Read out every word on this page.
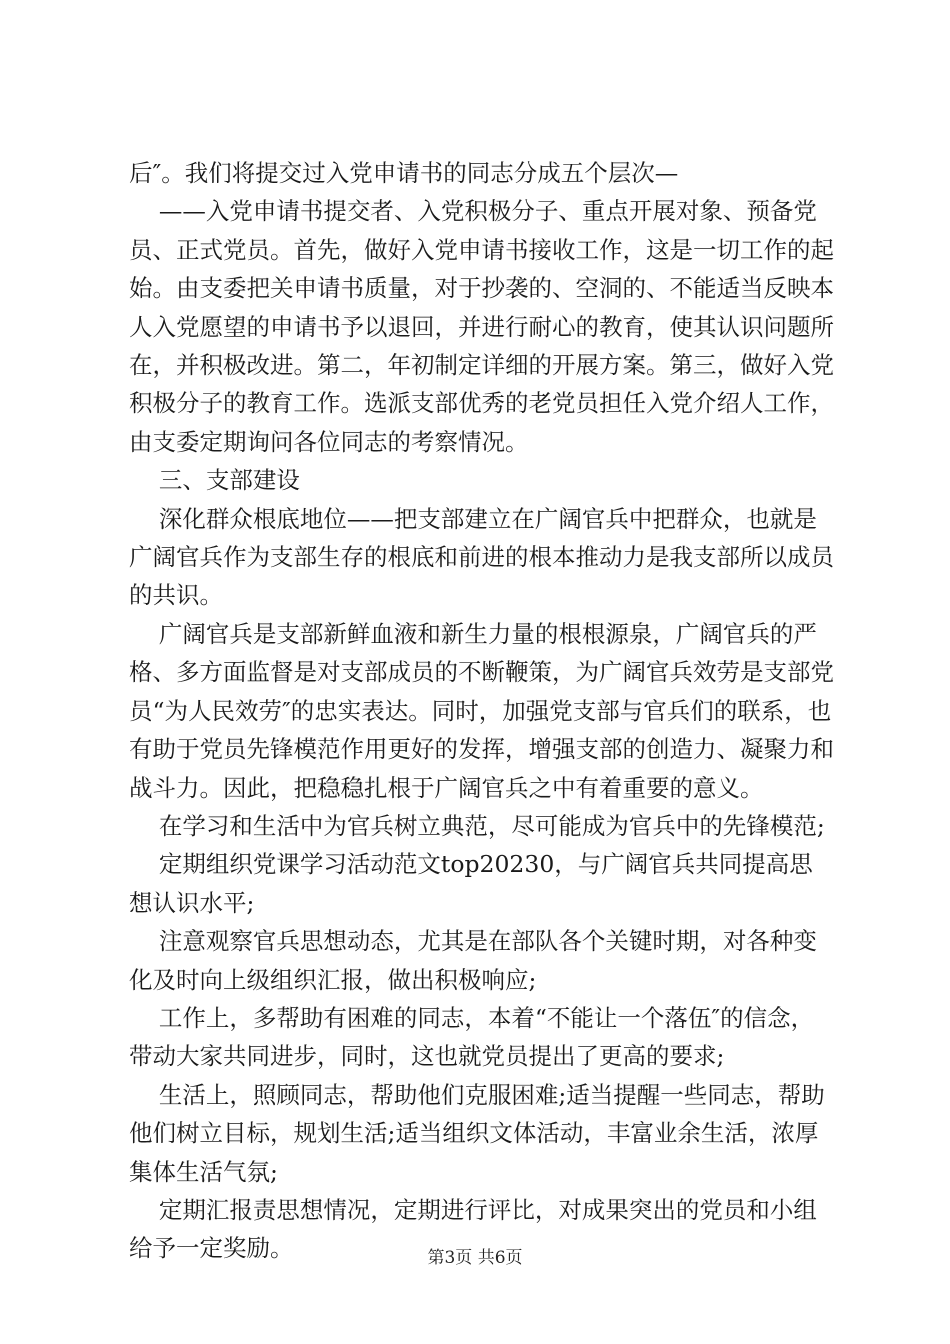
后″。我们将提交过入党申请书的同志分成五个层次—

——入党申请书提交者、入党积极分子、重点开展对象、预备党员、正式党员。首先，做好入党申请书接收工作，这是一切工作的起始。由支委把关申请书质量，对于抄袭的、空洞的、不能适当反映本人入党愿望的申请书予以退回，并进行耐心的教育，使其认识问题所在，并积极改进。第二，年初制定详细的开展方案。第三，做好入党积极分子的教育工作。选派支部优秀的老党员担任入党介绍人工作，由支委定期询问各位同志的考察情况。

三、支部建设

深化群众根底地位——把支部建立在广阔官兵中把群众，也就是广阔官兵作为支部生存的根底和前进的根本推动力是我支部所以成员的共识。

广阔官兵是支部新鲜血液和新生力量的根根源泉，广阔官兵的严格、多方面监督是对支部成员的不断鞭策，为广阔官兵效劳是支部党员“为人民效劳″的忠实表达。同时，加强党支部与官兵们的联系，也有助于党员先锋模范作用更好的发挥，增强支部的创造力、凝聚力和战斗力。因此，把稳稳扎根于广阔官兵之中有着重要的意义。

在学习和生活中为官兵树立典范，尽可能成为官兵中的先锋模范;

定期组织党课学习活动范文top20230，与广阔官兵共同提高思想认识水平;

注意观察官兵思想动态，尤其是在部队各个关键时期，对各种变化及时向上级组织汇报，做出积极响应;

工作上，多帮助有困难的同志，本着“不能让一个落伍″的信念，带动大家共同进步，同时，这也就党员提出了更高的要求;

生活上，照顾同志，帮助他们克服困难;适当提醒一些同志，帮助他们树立目标，规划生活;适当组织文体活动，丰富业余生活，浓厚集体生活气氛;

定期汇报责思想情况，定期进行评比，对成果突出的党员和小组给予一定奖励。	第3页 共6页
